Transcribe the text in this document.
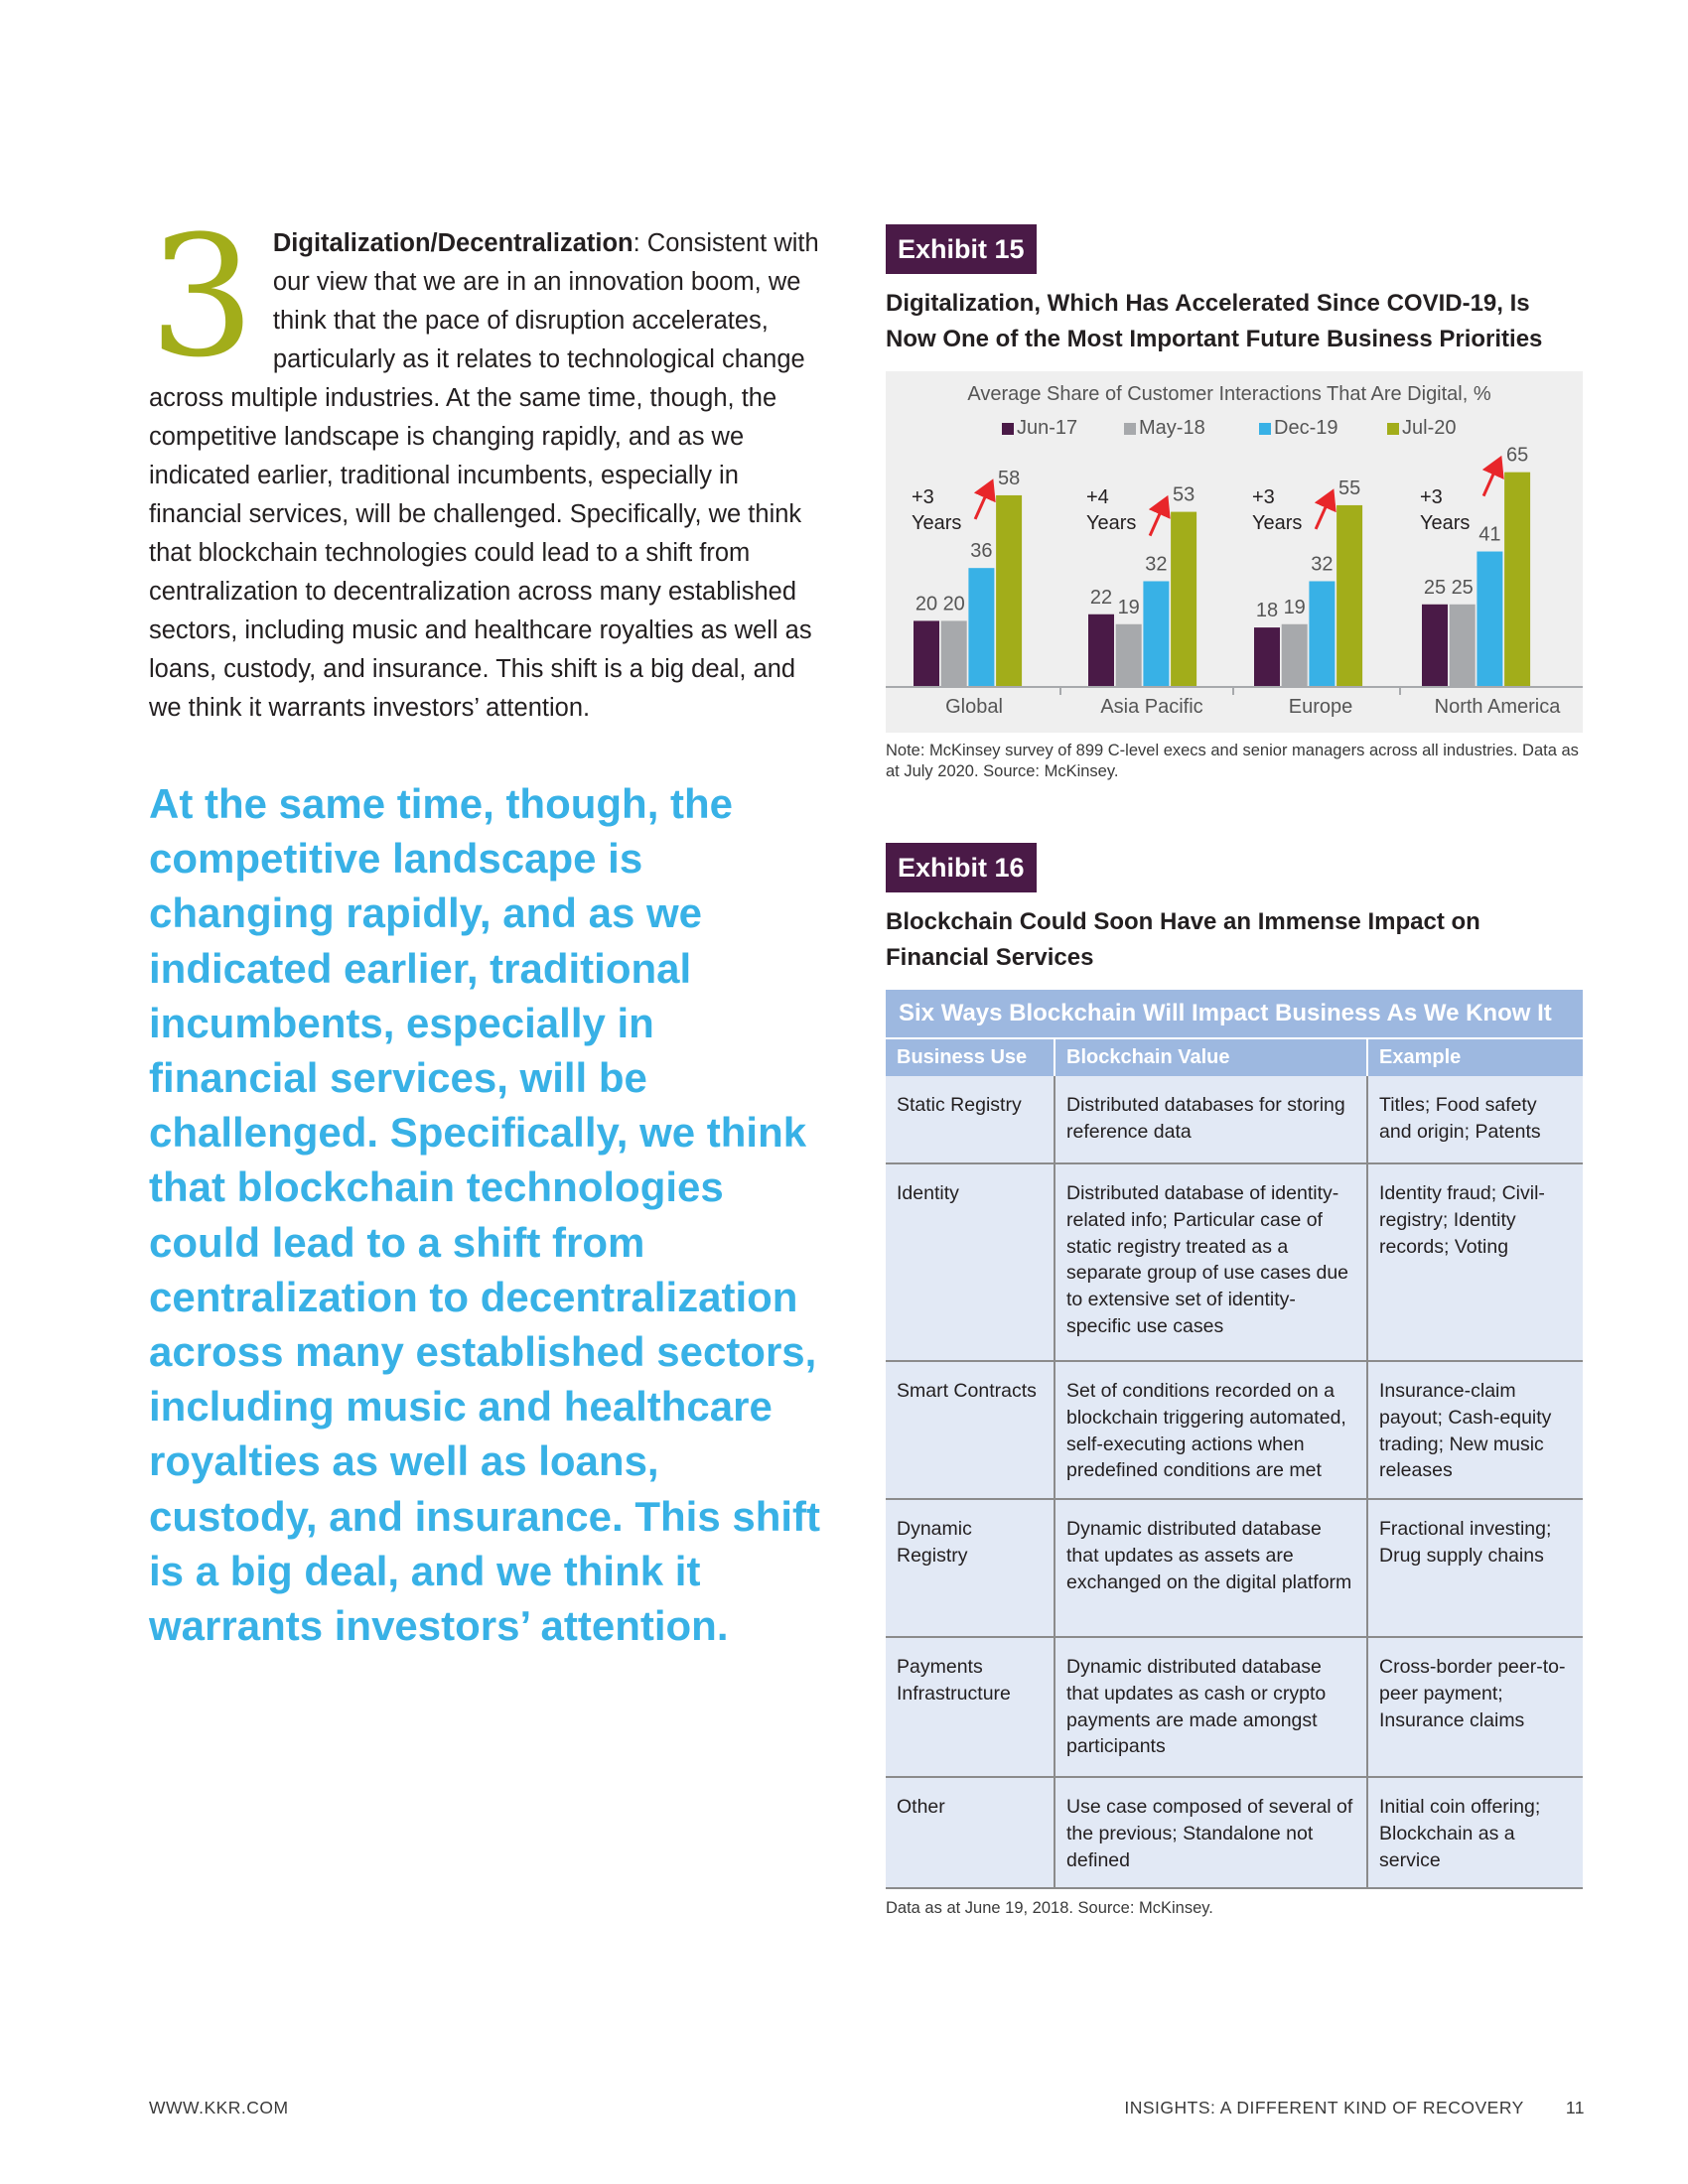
3 Digitalization/Decentralization: Consistent with our view that we are in an innovation boom, we think that the pace of disruption accelerates, particularly as it relates to technological change across multiple industries. At the same time, though, the competitive landscape is changing rapidly, and as we indicated earlier, traditional incumbents, especially in financial services, will be challenged. Specifically, we think that blockchain technologies could lead to a shift from centralization to decentralization across many established sectors, including music and healthcare royalties as well as loans, custody, and insurance. This shift is a big deal, and we think it warrants investors’ attention.

At the same time, though, the competitive landscape is changing rapidly, and as we indicated earlier, traditional incumbents, especially in financial services, will be challenged. Specifically, we think that blockchain technologies could lead to a shift from centralization to decentralization across many established sectors, including music and healthcare royalties as well as loans, custody, and insurance. This shift is a big deal, and we think it warrants investors’ attention.
Exhibit 15
Digitalization, Which Has Accelerated Since COVID-19, Is Now One of the Most Important Future Business Priorities
Average Share of Customer Interactions That Are Digital, %
Jun-17	May-18	Dec-19	Jul-20
20 20
36
58
+3
Years
22 19
32
53
+4
Years
18 19
32
55
+3
Years
25 25
41
65
+3
Years
Global	Asia Pacific	Europe	North America
Note: McKinsey survey of 899 C-level execs and senior managers across all industries. Data as at July 2020. Source: McKinsey.
Exhibit 16
Blockchain Could Soon Have an Immense Impact on Financial Services
Six Ways Blockchain Will Impact Business As We Know It		
Business Use	Blockchain Value	Example
Static Registry	Distributed databases for storing reference data	Titles; Food safety and origin; Patents
Identity	Distributed database of identity-related info; Particular case of static registry treated as a separate group of use cases due to extensive set of identity-specific use cases	Identity fraud; Civil-registry; Identity records; Voting
Smart Contracts	Set of conditions recorded on a blockchain triggering automated, self-executing actions when predefined conditions are met	Insurance-claim payout; Cash-equity trading; New music releases
Dynamic Registry	Dynamic distributed database that updates as assets are exchanged on the digital platform	Fractional investing; Drug supply chains
Payments Infrastructure	Dynamic distributed database that updates as cash or crypto payments are made amongst participants	Cross-border peer-to-peer payment; Insurance claims
Other	Use case composed of several of the previous; Standalone not defined	Initial coin offering; Blockchain as a service
Data as at June 19, 2018. Source: McKinsey.
WWW.KKR.COM	INSIGHTS: A DIFFERENT KIND OF RECOVERY 11
